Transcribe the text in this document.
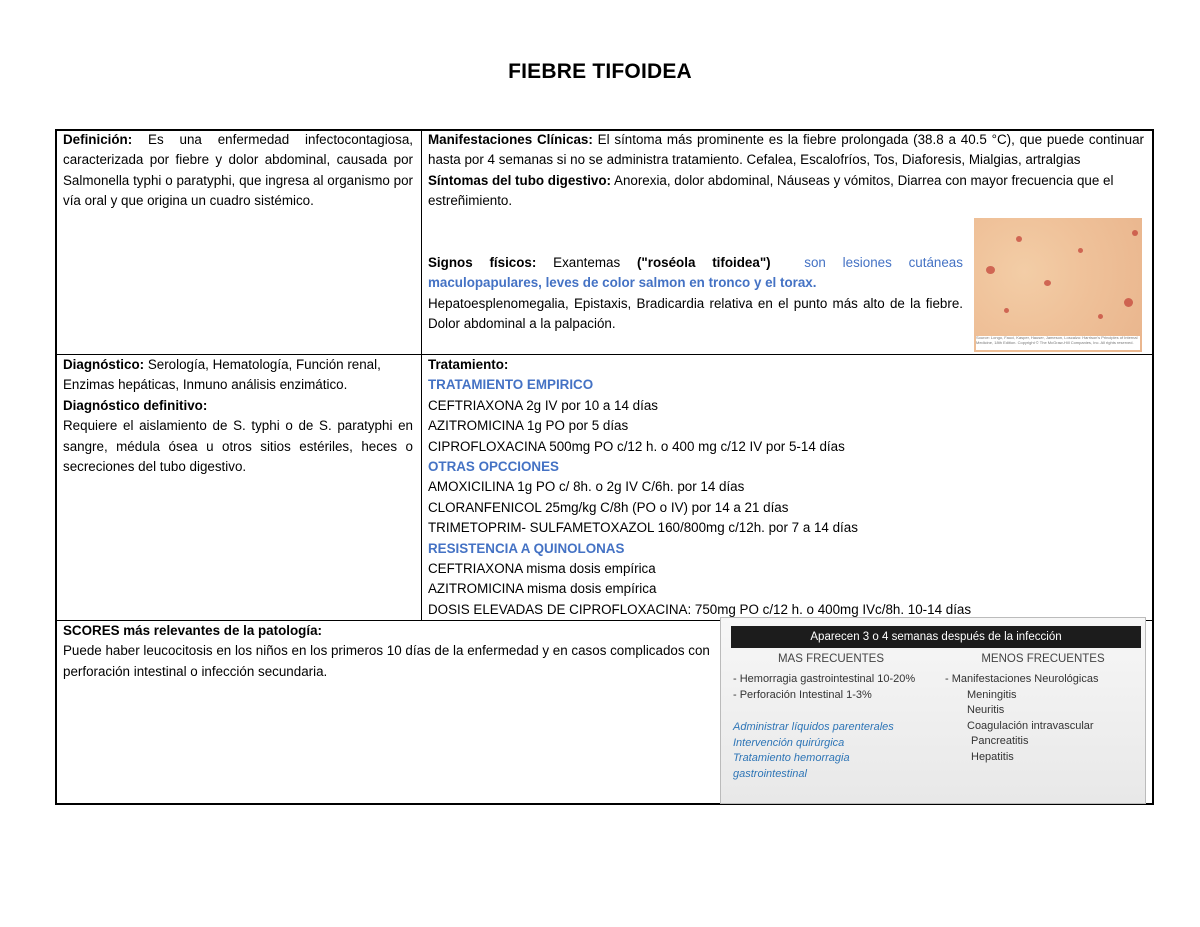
FIEBRE TIFOIDEA
Definición: Es una enfermedad infectocontagiosa, caracterizada por fiebre y dolor abdominal, causada por Salmonella typhi o paratyphi, que ingresa al organismo por vía oral y que origina un cuadro sistémico.
Manifestaciones Clínicas: El síntoma más prominente es la fiebre prolongada (38.8 a 40.5 °C), que puede continuar hasta por 4 semanas si no se administra tratamiento. Cefalea, Escalofríos, Tos, Diaforesis, Mialgias, artralgias
Síntomas del tubo digestivo: Anorexia, dolor abdominal, Náuseas y vómitos, Diarrea con mayor frecuencia que el estreñimiento.
Signos físicos: Exantemas ("roséola tifoidea")	son lesiones cutáneas maculopapulares, leves de color salmon en tronco y el torax.
Hepatoesplenomegalia, Epistaxis, Bradicardia relativa en el punto más alto de la fiebre. Dolor abdominal a la palpación.
Source: Longo, Fauci, Kasper, Hauser, Jameson, Loscalzo: Harrison's Principles of Internal Medicine, 18th Edition. Copyright © The McGraw-Hill Companies, Inc. All rights reserved.
Diagnóstico: Serología, Hematología, Función renal, Enzimas hepáticas, Inmuno análisis enzimático.
Diagnóstico definitivo:
Requiere el aislamiento de S. typhi o de S. paratyphi en sangre, médula ósea u otros sitios estériles, heces o secreciones del tubo digestivo.
Tratamiento:
TRATAMIENTO EMPIRICO
CEFTRIAXONA 2g IV por 10 a 14 días
AZITROMICINA 1g PO por 5 días
CIPROFLOXACINA 500mg PO c/12 h. o 400 mg c/12 IV por 5-14 días
OTRAS OPCCIONES
AMOXICILINA 1g PO c/ 8h. o 2g IV C/6h. por 14 días
CLORANFENICOL 25mg/kg C/8h (PO o IV) por 14 a 21 días
TRIMETOPRIM- SULFAMETOXAZOL 160/800mg c/12h. por 7 a 14 días
RESISTENCIA A QUINOLONAS
CEFTRIAXONA misma dosis empírica
AZITROMICINA misma dosis empírica
DOSIS ELEVADAS DE CIPROFLOXACINA: 750mg PO c/12 h. o 400mg IVc/8h. 10-14 días
SCORES más relevantes de la patología:
Puede haber leucocitosis en los niños en los primeros 10 días de la enfermedad y en casos complicados con perforación intestinal o infección secundaria.
Aparecen 3 o 4 semanas después de la infección
MAS FRECUENTES	MENOS FRECUENTES
- Hemorragia gastrointestinal 10-20%
- Perforación Intestinal 1-3%
Administrar líquidos parenterales
Intervención quirúrgica
Tratamiento hemorragia
gastrointestinal
- Manifestaciones Neurológicas
Meningitis
Neuritis
Coagulación intravascular
Pancreatitis
Hepatitis
